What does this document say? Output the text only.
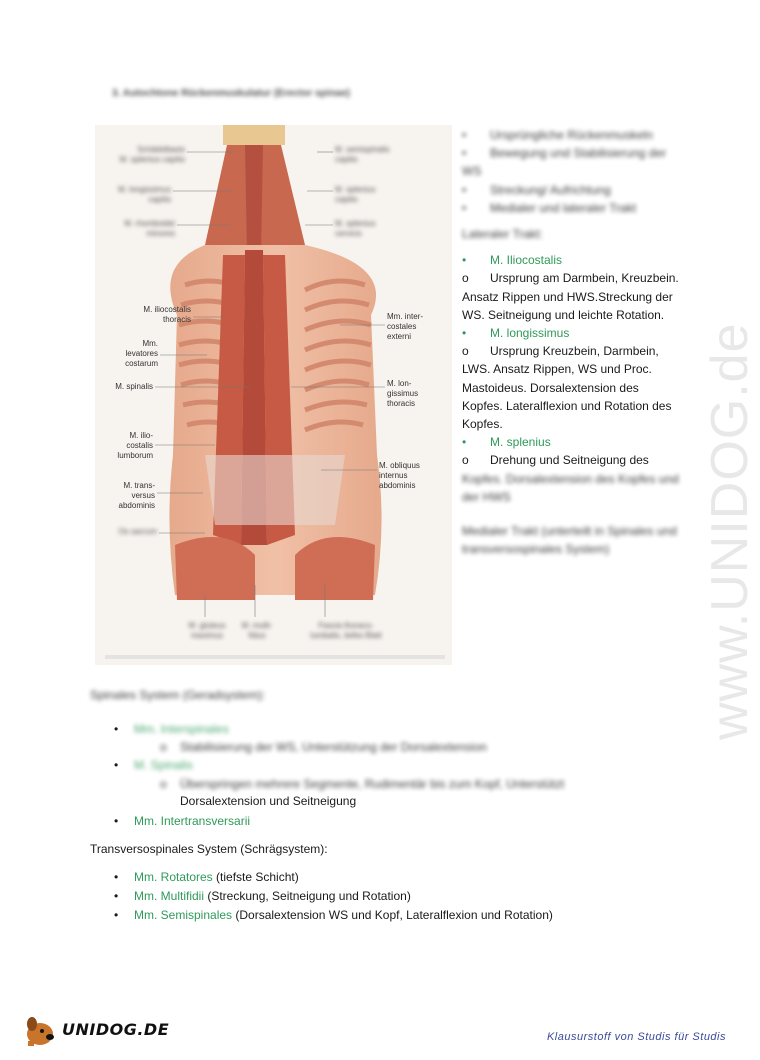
3. Autochtone Rückenmuskulatur (Erector spinae)
Schädelbasis
M. splenius capitis
M. longissimus
capitis
M. rhomboidei
minores
M. iliocostalis
thoracis
Mm.
levatores
costarum
M. spinalis
M. ilio-
costalis
lumborum
M. trans-
versus
abdominis
Os sacrum
M. semispinalis
capitis
M. splenius
capitis
M. splenius
cervicis
Mm. inter-
costales
externi
M. lon-
gissimus
thoracis
M. obliquus
internus
abdominis
M. gluteus
maximus
M. multi-
fidus
Fascia thoraco-
lumbalis, tiefes Blatt
• Ursprüngliche Rückenmuskeln
• Bewegung und Stabilisierung der WS
• Streckung/ Aufrichtung
• Medialer und lateraler Trakt
Lateraler Trakt:
• M. Iliocostalis
o Ursprung am Darmbein, Kreuzbein. Ansatz Rippen und HWS.Streckung der WS. Seitneigung und leichte Rotation.
• M. longissimus
o Ursprung Kreuzbein, Darmbein, LWS. Ansatz Rippen, WS und Proc. Mastoideus. Dorsalextension des Kopfes. Lateralflexion und Rotation des Kopfes.
• M. splenius
o Drehung und Seitneigung des
Kopfes. Dorsalextension des Kopfes und der HWS
Medialer Trakt (unterteilt in Spinales und transversospinales System)
Spinales System (Geradsystem):
• Mm. Interspinales
o Stabilisierung der WS, Unterstützung der Dorsalextension
• M. Spinalis
o Überspringen mehrere Segmente, Rudimentär bis zum Kopf, Unterstützt
Dorsalextension und Seitneigung
• Mm. Intertransversarii
Transversospinales System (Schrägsystem):
• Mm. Rotatores (tiefste Schicht)
• Mm. Multifidii (Streckung, Seitneigung und Rotation)
• Mm. Semispinales (Dorsalextension WS und Kopf, Lateralflexion und Rotation)
www.UNIDOG.de
UNIDOG.DE	Klausurstoff von Studis für Studis
